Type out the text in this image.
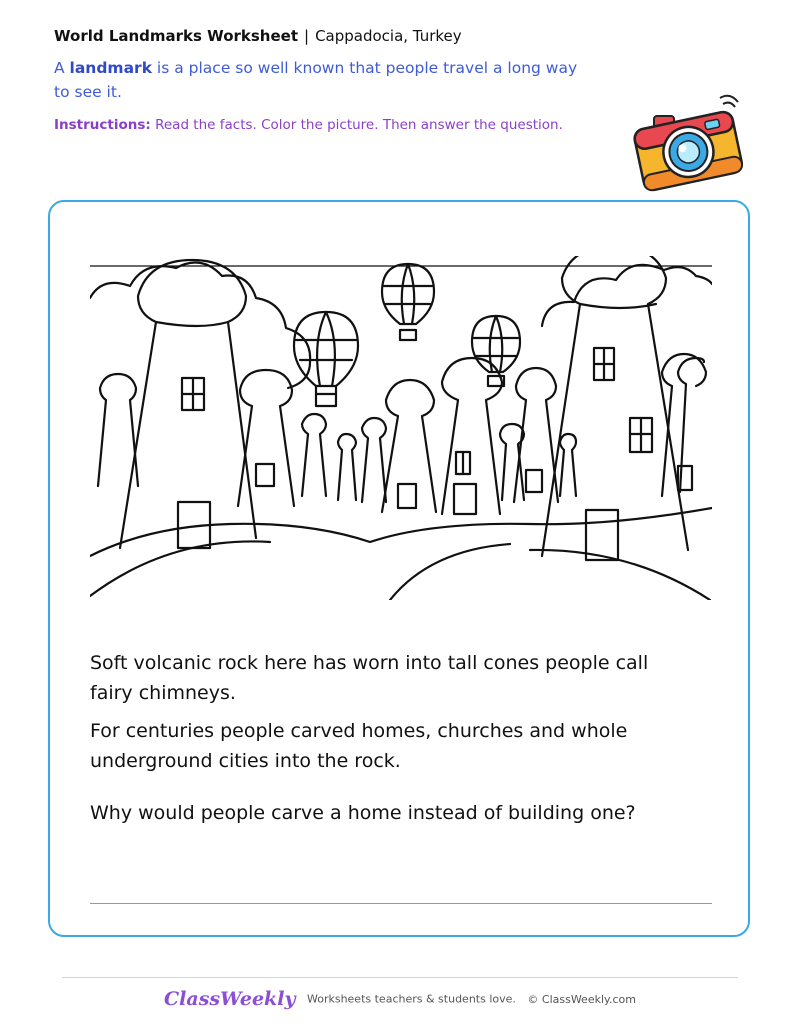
World Landmarks Worksheet | Cappadocia, Turkey
A landmark is a place so well known that people travel a long way to see it.
Instructions: Read the facts. Color the picture. Then answer the question.

Soft volcanic rock here has worn into tall cones people call fairy chimneys.

For centuries people carved homes, churches and whole underground cities into the rock.

Why would people carve a home instead of building one?

ClassWeekly Worksheets teachers & students love. © ClassWeekly.com
